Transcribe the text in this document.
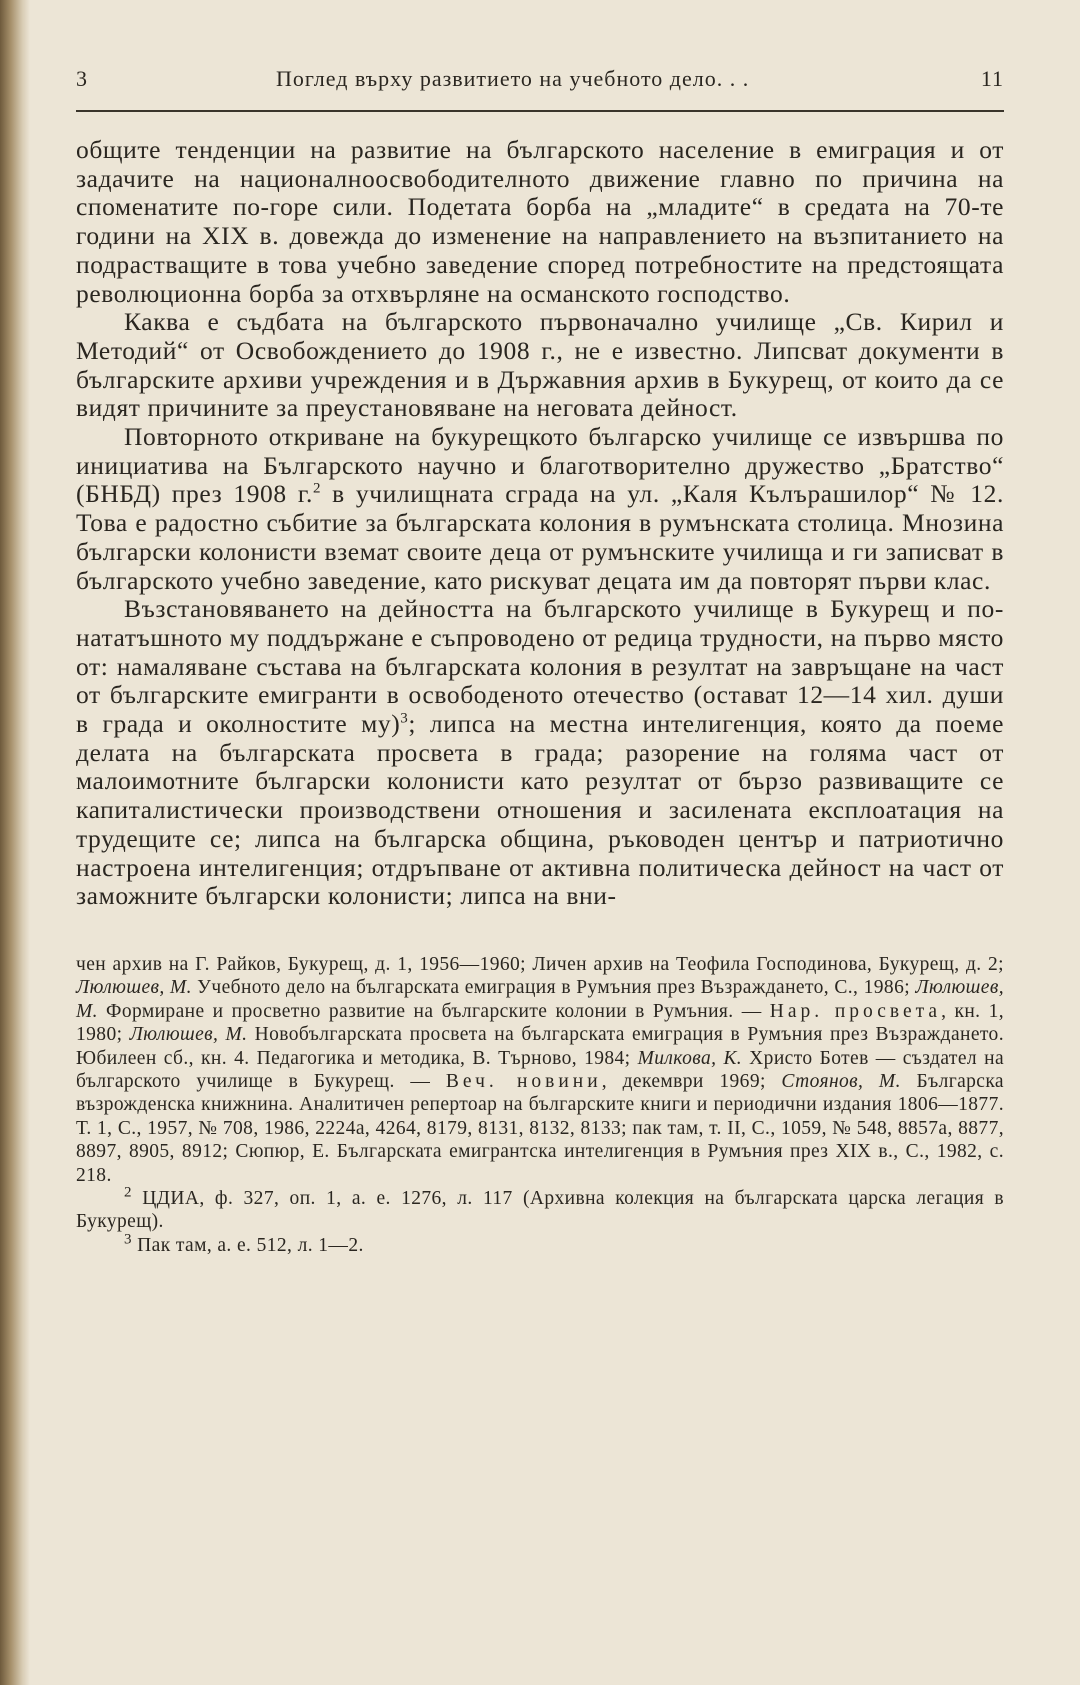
3	Поглед върху развитието на учебното дело. . .	11

общите тенденции на развитие на българското население в емиграция и от задачите на националноосвободителното движение главно по причина на споменатите по-горе сили. Подетата борба на „младите“ в средата на 70-те години на XIX в. довежда до изменение на направлението на възпитанието на подрастващите в това учебно заведение според потребностите на предстоящата революционна борба за отхвърляне на османското господство.

Каква е съдбата на българското първоначално училище „Св. Кирил и Методий“ от Освобождението до 1908 г., не е известно. Липсват документи в българските архиви учреждения и в Държавния архив в Букурещ, от които да се видят причините за преустановяване на неговата дейност.

Повторното откриване на букурещкото българско училище се извършва по инициатива на Българското научно и благотворително дружество „Братство“ (БНБД) през 1908 г.$^2$ в училищната сграда на ул. „Каля Кълърашилор“ № 12. Това е радостно събитие за българската колония в румънската столица. Мнозина български колонисти вземат своите деца от румънските училища и ги записват в българското учебно заведение, като рискуват децата им да повторят първи клас.

Възстановяването на дейността на българското училище в Букурещ и по-нататъшното му поддържане е съпроводено от редица трудности, на първо място от: намаляване състава на българската колония в резултат на завръщане на част от българските емигранти в освободеното отечество (остават 12—14 хил. души в града и околностите му)$^3$; липса на местна интелигенция, която да поеме делата на българската просвета в града; разорение на голяма част от малоимотните български колонисти като резултат от бързо развиващите се капиталистически производствени отношения и засилената експлоатация на трудещите се; липса на българска община, ръководен център и патриотично настроена интелигенция; отдръпване от активна политическа дейност на част от заможните български колонисти; липса на вни-

чен архив на Г. Райков, Букурещ, д. 1, 1956—1960; Личен архив на Теофила Господинова, Букурещ, д. 2; Люлюшев, М. Учебното дело на българската емиграция в Румъния през Възраждането, С., 1986; Люлюшев, М. Формиране и просветно развитие на българските колонии в Румъния. — Нар. просвета, кн. 1, 1980; Люлюшев, М. Новобългарската просвета на българската емиграция в Румъния през Възраждането. Юбилеен сб., кн. 4. Педагогика и методика, В. Търново, 1984; Милкова, К. Христо Ботев — създател на българското училище в Букурещ. — Веч. новини, декември 1969; Стоянов, М. Българска възрожденска книжнина. Аналитичен репертоар на българските книги и периодични издания 1806—1877. Т. 1, С., 1957, № 708, 1986, 2224а, 4264, 8179, 8131, 8132, 8133; пак там, т. II, С., 1059, № 548, 8857а, 8877, 8897, 8905, 8912; Сюпюр, Е. Българската емигрантска интелигенция в Румъния през XIX в., С., 1982, с. 218.

$^2$ ЦДИА, ф. 327, оп. 1, а. е. 1276, л. 117 (Архивна колекция на българската царска легация в Букурещ).

$^3$ Пак там, а. е. 512, л. 1—2.
